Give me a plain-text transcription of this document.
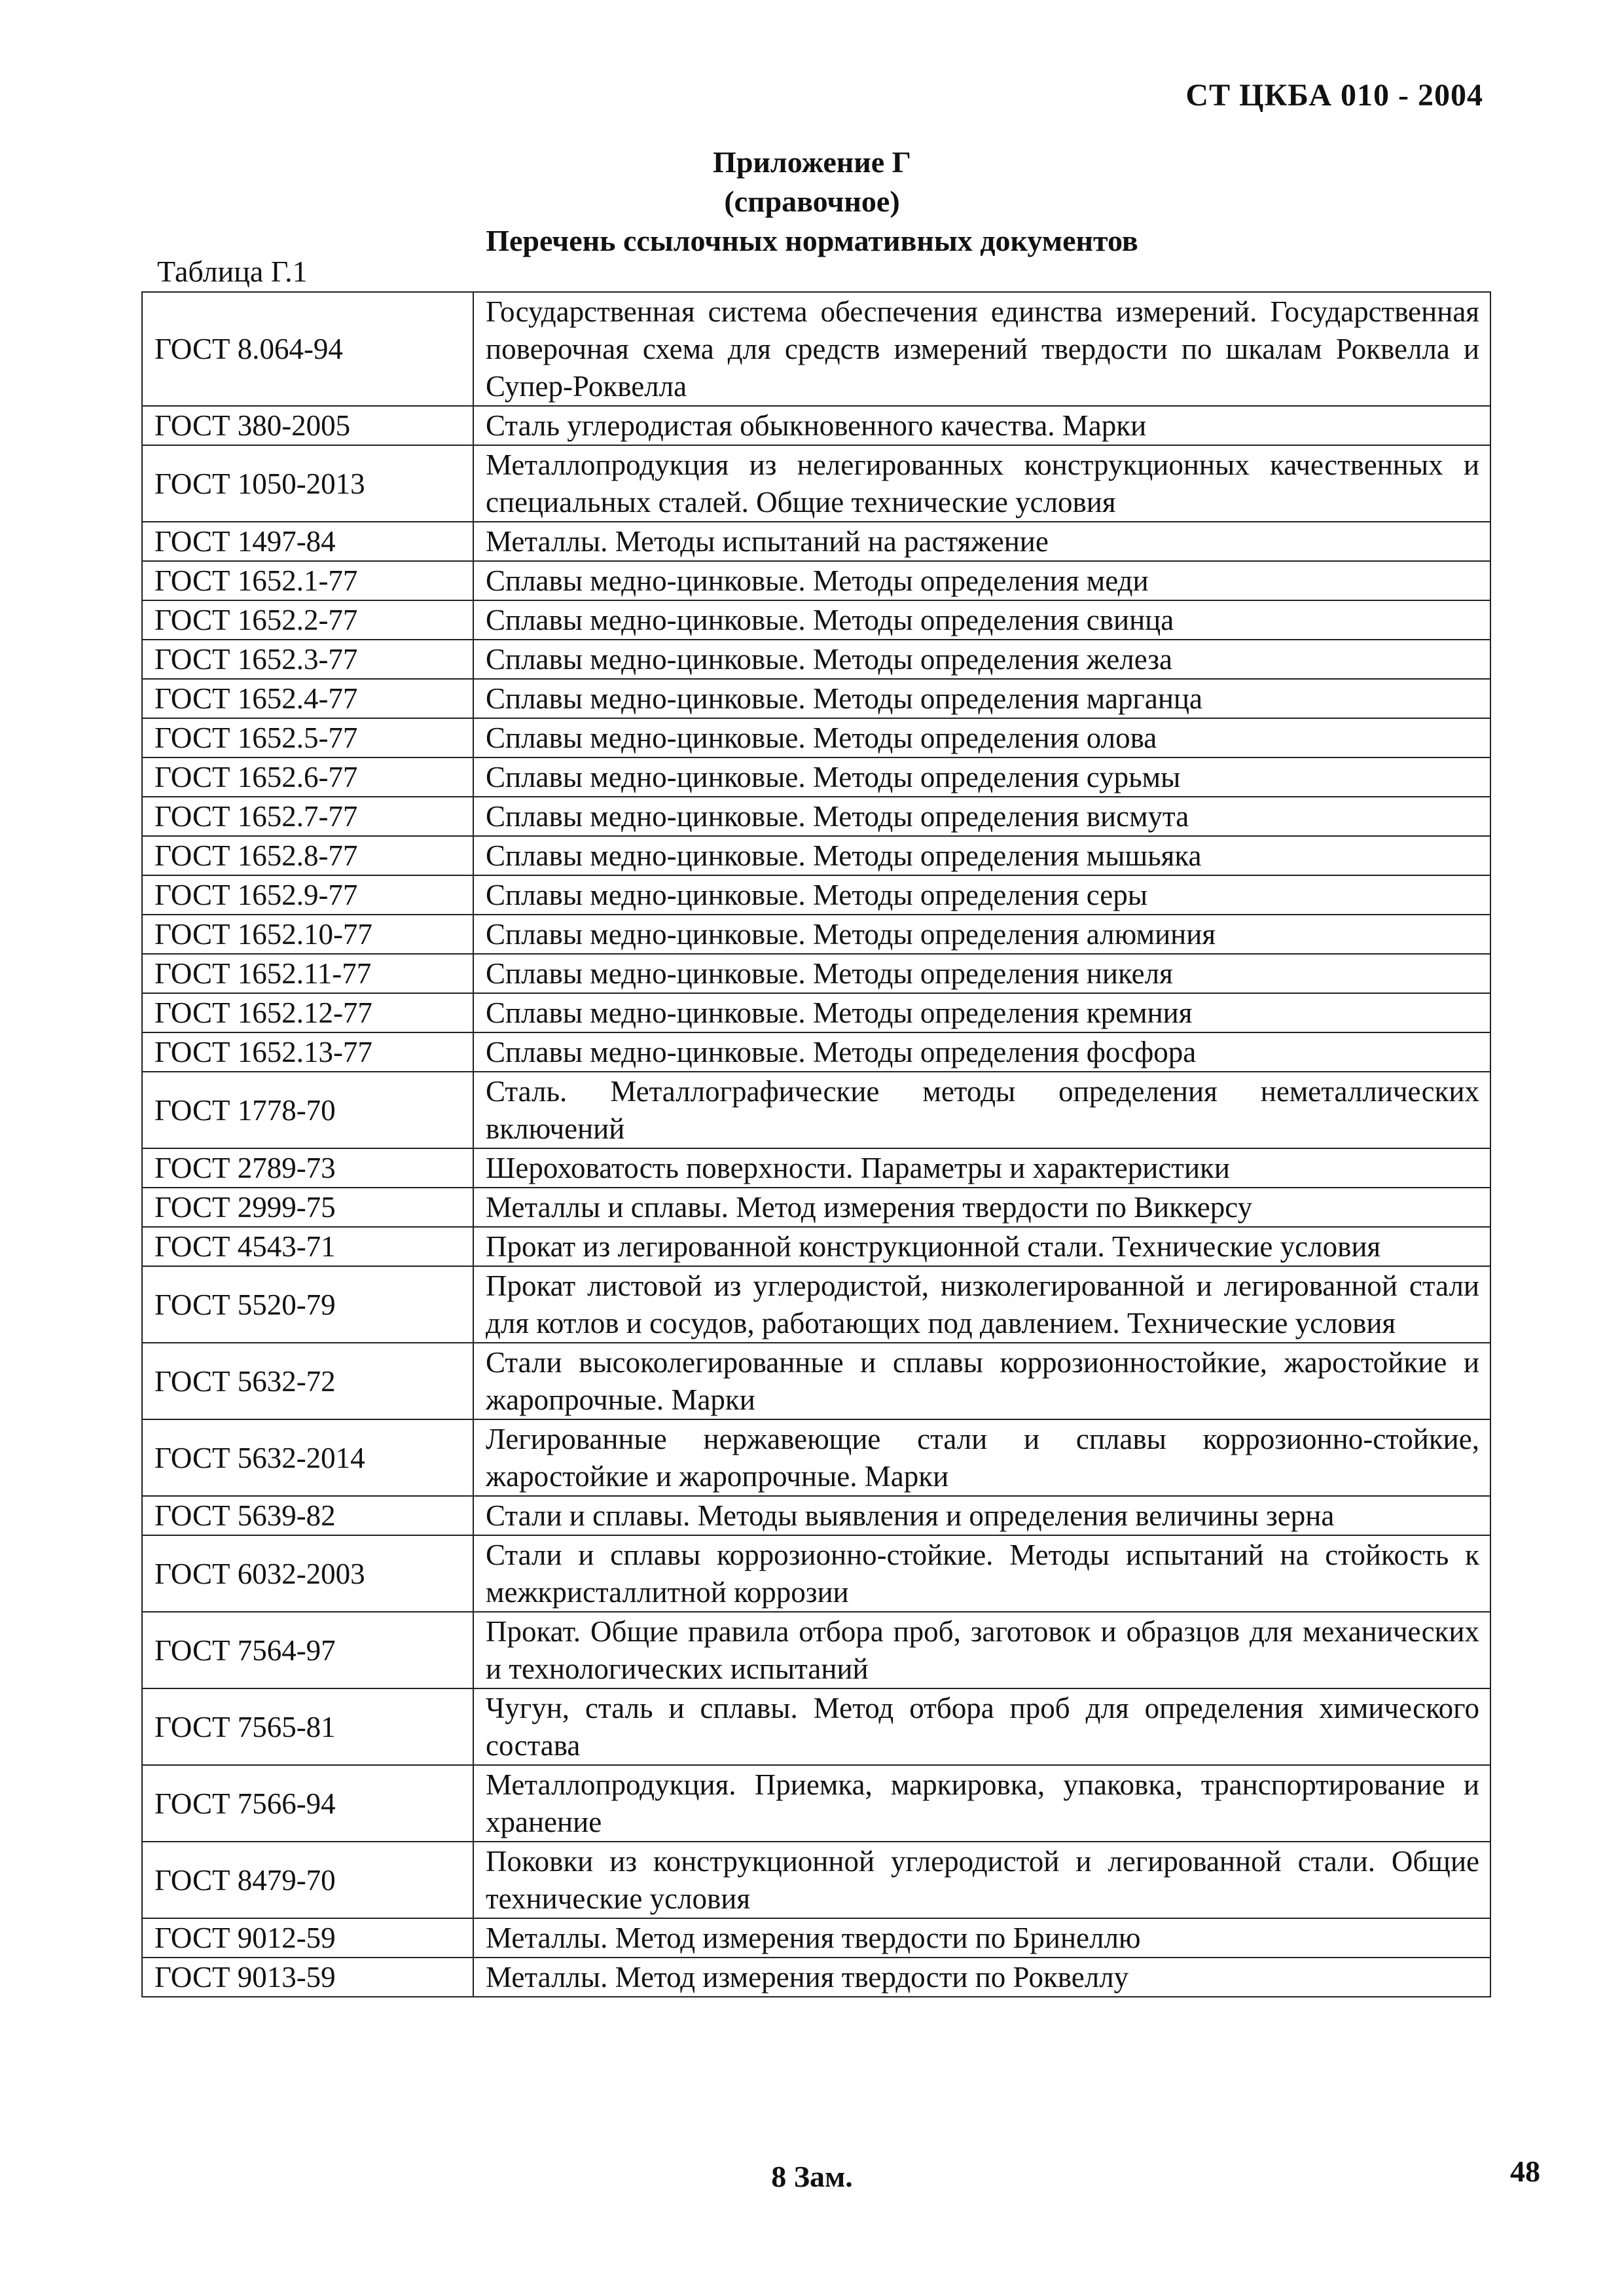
СТ ЦКБА 010 - 2004
Приложение Г
(справочное)
Перечень ссылочных нормативных документов
Таблица Г.1
ГОСТ 8.064-94	Государственная система обеспечения единства измерений. Государственная поверочная схема для средств измерений твердости по шкалам Роквелла и Супер-Роквелла
ГОСТ 380-2005	Сталь углеродистая обыкновенного качества. Марки
ГОСТ 1050-2013	Металлопродукция из нелегированных конструкционных качественных и специальных сталей. Общие технические условия
ГОСТ 1497-84	Металлы. Методы испытаний на растяжение
ГОСТ 1652.1-77	Сплавы медно-цинковые. Методы определения меди
ГОСТ 1652.2-77	Сплавы медно-цинковые. Методы определения свинца
ГОСТ 1652.3-77	Сплавы медно-цинковые. Методы определения железа
ГОСТ 1652.4-77	Сплавы медно-цинковые. Методы определения марганца
ГОСТ 1652.5-77	Сплавы медно-цинковые. Методы определения олова
ГОСТ 1652.6-77	Сплавы медно-цинковые. Методы определения сурьмы
ГОСТ 1652.7-77	Сплавы медно-цинковые. Методы определения висмута
ГОСТ 1652.8-77	Сплавы медно-цинковые. Методы определения мышьяка
ГОСТ 1652.9-77	Сплавы медно-цинковые. Методы определения серы
ГОСТ 1652.10-77	Сплавы медно-цинковые. Методы определения алюминия
ГОСТ 1652.11-77	Сплавы медно-цинковые. Методы определения никеля
ГОСТ 1652.12-77	Сплавы медно-цинковые. Методы определения кремния
ГОСТ 1652.13-77	Сплавы медно-цинковые. Методы определения фосфора
ГОСТ 1778-70	Сталь. Металлографические методы определения неметаллических включений
ГОСТ 2789-73	Шероховатость поверхности. Параметры и характеристики
ГОСТ 2999-75	Металлы и сплавы. Метод измерения твердости по Виккерсу
ГОСТ 4543-71	Прокат из легированной конструкционной стали. Технические условия
ГОСТ 5520-79	Прокат листовой из углеродистой, низколегированной и легированной стали для котлов и сосудов, работающих под давлением. Технические условия
ГОСТ 5632-72	Стали высоколегированные и сплавы коррозионностойкие, жаростойкие и жаропрочные. Марки
ГОСТ 5632-2014	Легированные нержавеющие стали и сплавы коррозионно-стойкие, жаростойкие и жаропрочные. Марки
ГОСТ 5639-82	Стали и сплавы. Методы выявления и определения величины зерна
ГОСТ 6032-2003	Стали и сплавы коррозионно-стойкие. Методы испытаний на стойкость к межкристаллитной коррозии
ГОСТ 7564-97	Прокат. Общие правила отбора проб, заготовок и образцов для механических и технологических испытаний
ГОСТ 7565-81	Чугун, сталь и сплавы. Метод отбора проб для определения химического состава
ГОСТ 7566-94	Металлопродукция. Приемка, маркировка, упаковка, транспортирование и хранение
ГОСТ 8479-70	Поковки из конструкционной углеродистой и легированной стали. Общие технические условия
ГОСТ 9012-59	Металлы. Метод измерения твердости по Бринеллю
ГОСТ 9013-59	Металлы. Метод измерения твердости по Роквеллу
8 Зам.	48
